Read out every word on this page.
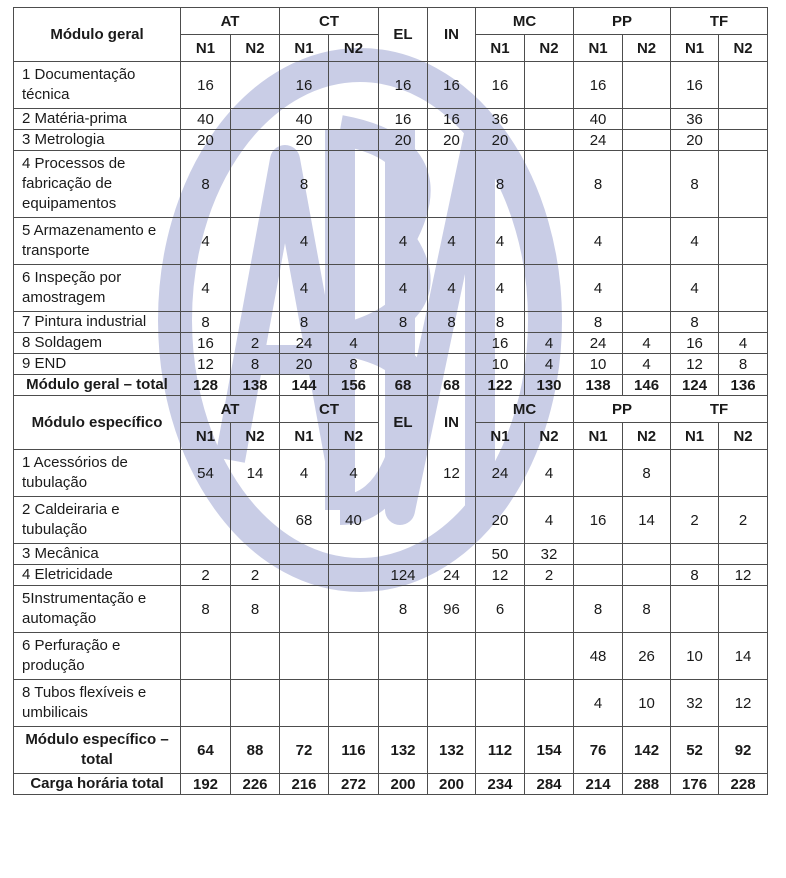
Módulo geral	AT		CT		EL	IN	MC		PP		TF	
	N1	N2	N1	N2			N1	N2	N1	N2	N1	N2
1 Documentação técnica	16		16		16	16	16		16		16	
2 Matéria-prima	40		40		16	16	36		40		36	
3 Metrologia	20		20		20	20	20		24		20	
4 Processos de fabricação de equipamentos	8		8				8		8		8	
5 Armazenamento e transporte	4		4		4	4	4		4		4	
6 Inspeção por amostragem	4		4		4	4	4		4		4	
7 Pintura industrial	8		8		8	8	8		8		8	
8 Soldagem	16	2	24	4			16	4	24	4	16	4
9 END	12	8	20	8			10	4	10	4	12	8
Módulo geral – total	128	138	144	156	68	68	122	130	138	146	124	136
Módulo específico	AT		CT		EL	IN	MC		PP		TF	
	N1	N2	N1	N2			N1	N2	N1	N2	N1	N2
1 Acessórios de tubulação	54	14	4	4		12	24	4		8		
2 Caldeiraria e tubulação			68	40			20	4	16	14	2	2
3 Mecânica							50	32				
4 Eletricidade	2	2			124	24	12	2			8	12
5Instrumentação e automação	8	8			8	96	6		8	8		
6 Perfuração e produção									48	26	10	14
8 Tubos flexíveis e umbilicais									4	10	32	12
Módulo específico – total	64	88	72	116	132	132	112	154	76	142	52	92
Carga horária total	192	226	216	272	200	200	234	284	214	288	176	228
